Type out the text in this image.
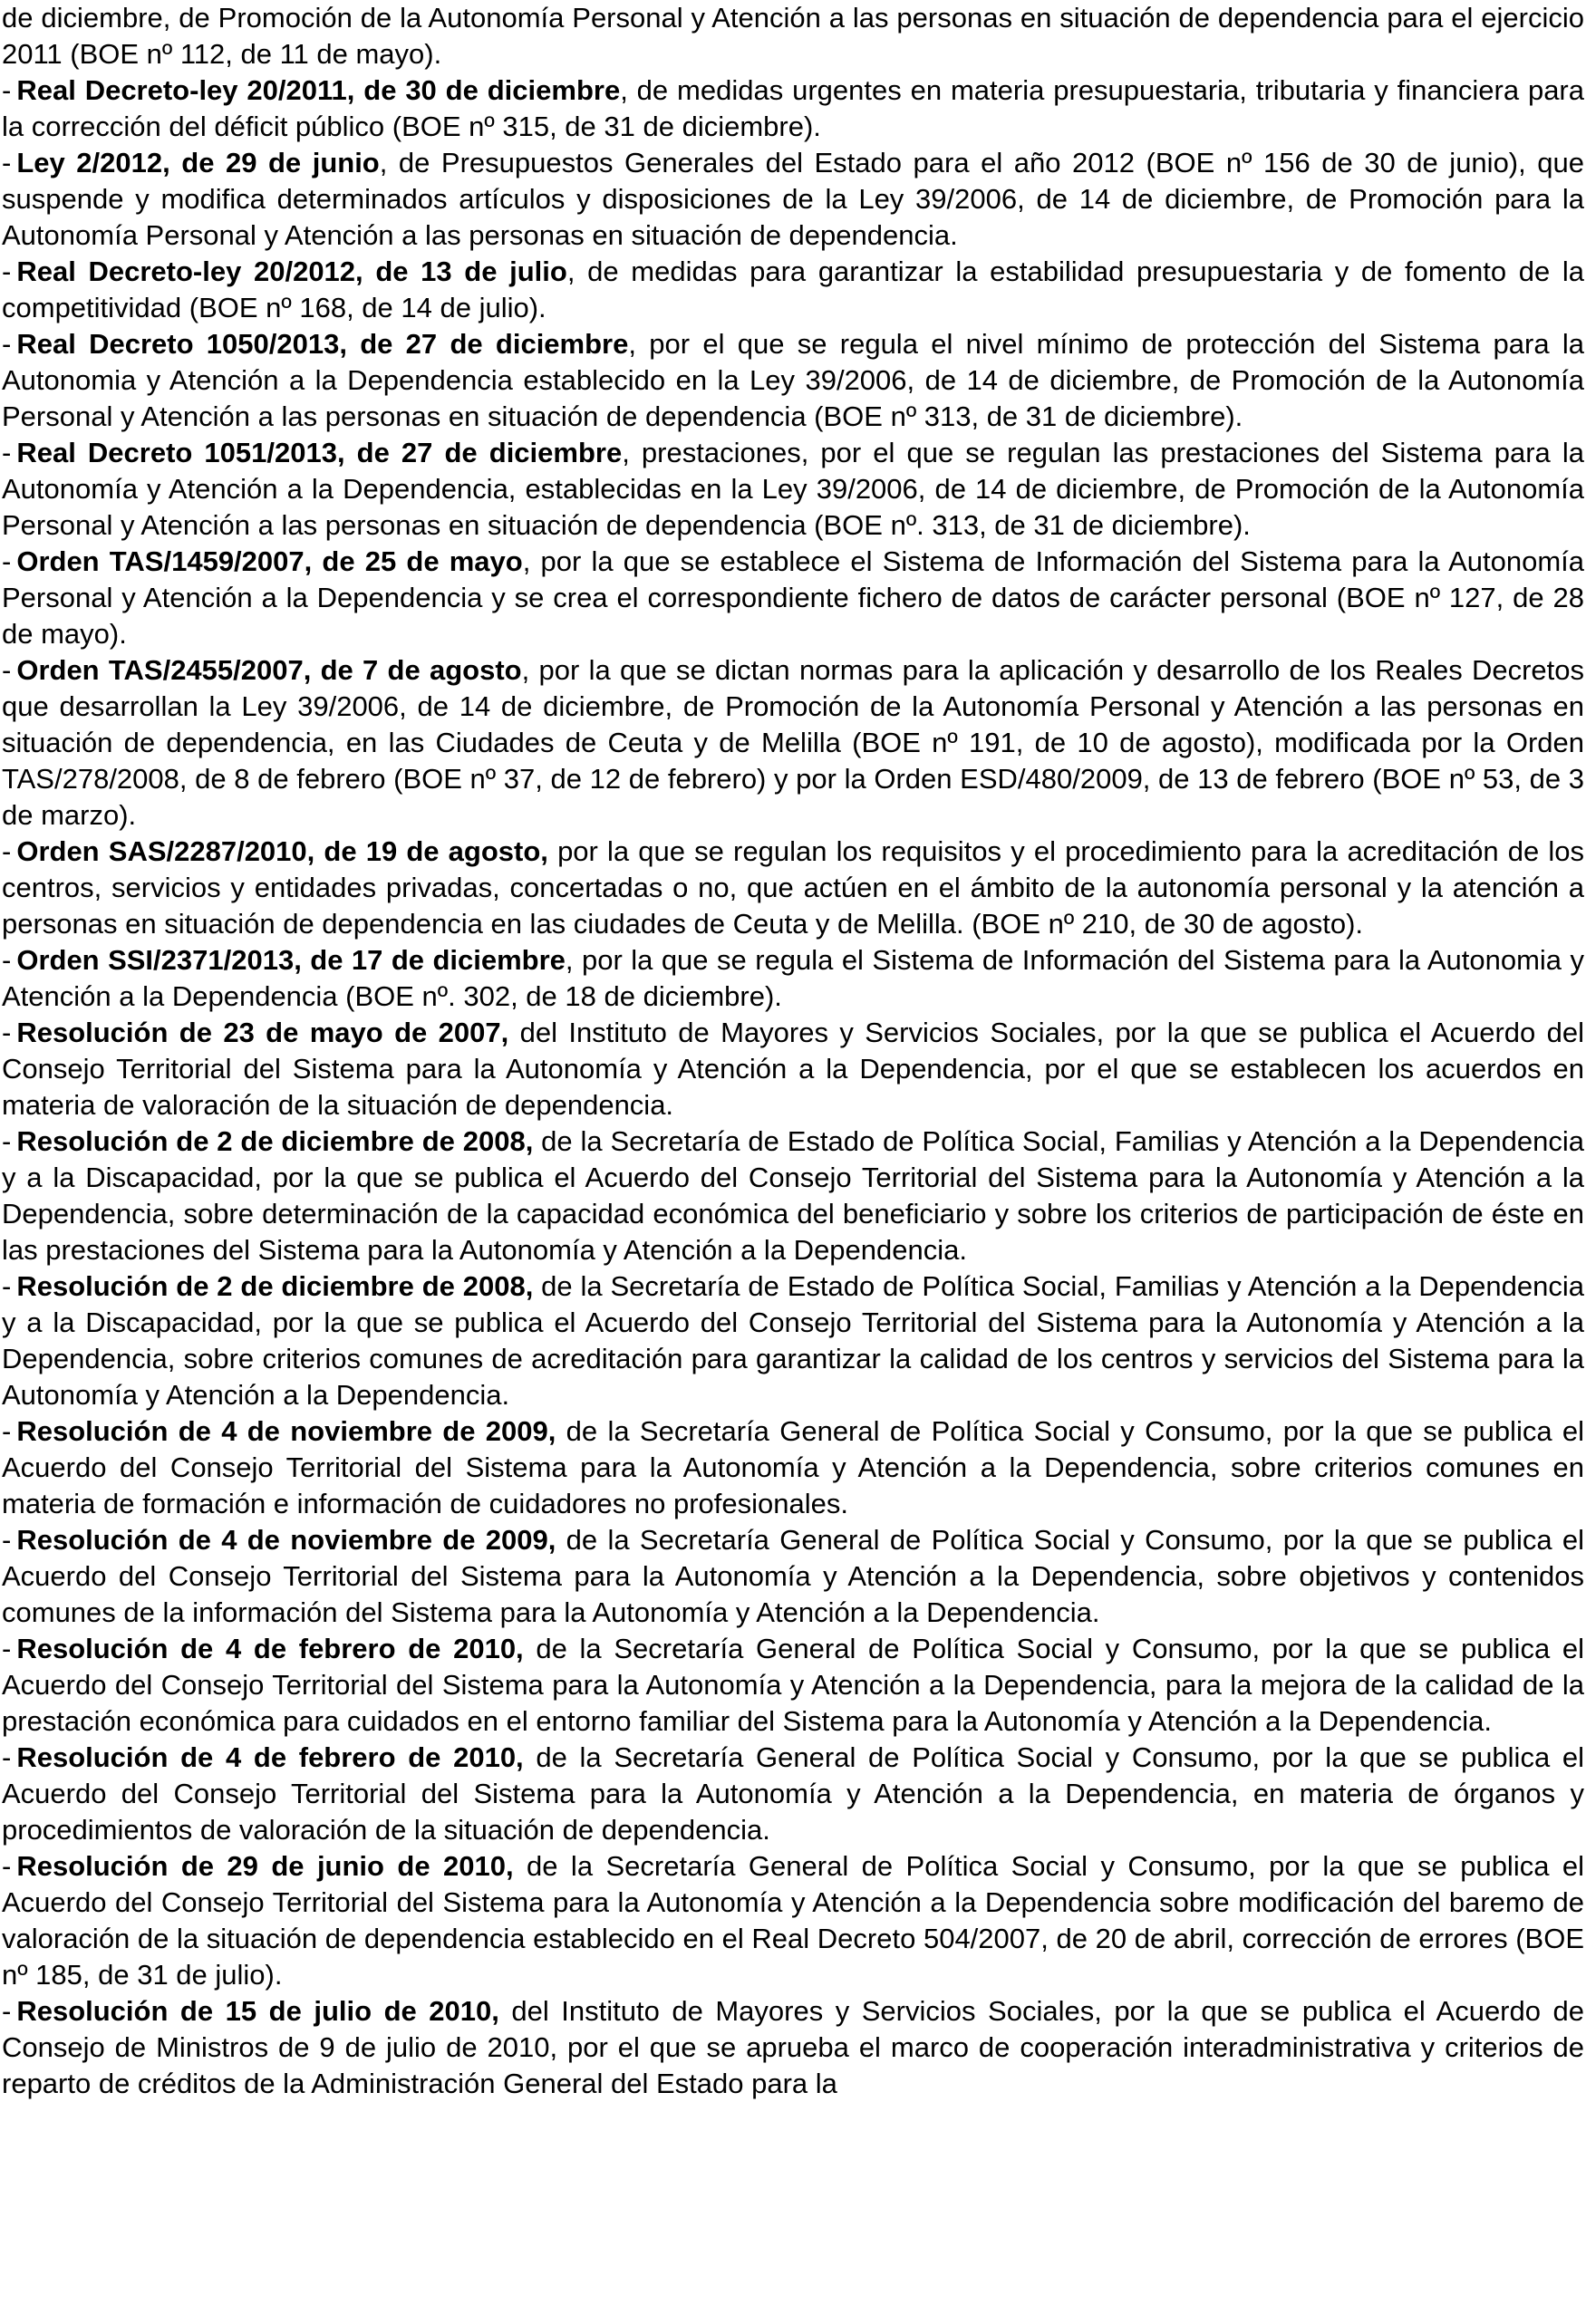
de diciembre, de Promoción de la Autonomía Personal y Atención a las personas en situación de dependencia para el ejercicio 2011 (BOE nº 112, de 11 de mayo).

- Real Decreto-ley 20/2011, de 30 de diciembre, de medidas urgentes en materia presupuestaria, tributaria y financiera para la corrección del déficit público (BOE nº 315, de 31 de diciembre).

- Ley 2/2012, de 29 de junio, de Presupuestos Generales del Estado para el año 2012 (BOE nº 156 de 30 de junio), que suspende y modifica determinados artículos y disposiciones de la Ley 39/2006, de 14 de diciembre, de Promoción para la Autonomía Personal y Atención a las personas en situación de dependencia.

- Real Decreto-ley 20/2012, de 13 de julio, de medidas para garantizar la estabilidad presupuestaria y de fomento de la competitividad (BOE nº 168, de 14 de julio).

- Real Decreto 1050/2013, de 27 de diciembre, por el que se regula el nivel mínimo de protección del Sistema para la Autonomia y Atención a la Dependencia establecido en la Ley 39/2006, de 14 de diciembre, de Promoción de la Autonomía Personal y Atención a las personas en situación de dependencia (BOE nº 313, de 31 de diciembre).

- Real Decreto 1051/2013, de 27 de diciembre, prestaciones, por el que se regulan las prestaciones del Sistema para la Autonomía y Atención a la Dependencia, establecidas en la Ley 39/2006, de 14 de diciembre, de Promoción de la Autonomía Personal y Atención a las personas en situación de dependencia (BOE nº. 313, de 31 de diciembre).

- Orden TAS/1459/2007, de 25 de mayo, por la que se establece el Sistema de Información del Sistema para la Autonomía Personal y Atención a la Dependencia y se crea el correspondiente fichero de datos de carácter personal (BOE nº 127, de 28 de mayo).

- Orden TAS/2455/2007, de 7 de agosto, por la que se dictan normas para la aplicación y desarrollo de los Reales Decretos que desarrollan la Ley 39/2006, de 14 de diciembre, de Promoción de la Autonomía Personal y Atención a las personas en situación de dependencia, en las Ciudades de Ceuta y de Melilla (BOE nº 191, de 10 de agosto), modificada por la Orden TAS/278/2008, de 8 de febrero (BOE nº 37, de 12 de febrero) y por la Orden ESD/480/2009, de 13 de febrero (BOE nº 53, de 3 de marzo).

- Orden SAS/2287/2010, de 19 de agosto, por la que se regulan los requisitos y el procedimiento para la acreditación de los centros, servicios y entidades privadas, concertadas o no, que actúen en el ámbito de la autonomía personal y la atención a personas en situación de dependencia en las ciudades de Ceuta y de Melilla. (BOE nº 210, de 30 de agosto).

- Orden SSI/2371/2013, de 17 de diciembre, por la que se regula el Sistema de Información del Sistema para la Autonomia y Atención a la Dependencia (BOE nº. 302, de 18 de diciembre).

- Resolución de 23 de mayo de 2007, del Instituto de Mayores y Servicios Sociales, por la que se publica el Acuerdo del Consejo Territorial del Sistema para la Autonomía y Atención a la Dependencia, por el que se establecen los acuerdos en materia de valoración de la situación de dependencia.

- Resolución de 2 de diciembre de 2008, de la Secretaría de Estado de Política Social, Familias y Atención a la Dependencia y a la Discapacidad, por la que se publica el Acuerdo del Consejo Territorial del Sistema para la Autonomía y Atención a la Dependencia, sobre determinación de la capacidad económica del beneficiario y sobre los criterios de participación de éste en las prestaciones del Sistema para la Autonomía y Atención a la Dependencia.

- Resolución de 2 de diciembre de 2008, de la Secretaría de Estado de Política Social, Familias y Atención a la Dependencia y a la Discapacidad, por la que se publica el Acuerdo del Consejo Territorial del Sistema para la Autonomía y Atención a la Dependencia, sobre criterios comunes de acreditación para garantizar la calidad de los centros y servicios del Sistema para la Autonomía y Atención a la Dependencia.

- Resolución de 4 de noviembre de 2009, de la Secretaría General de Política Social y Consumo, por la que se publica el Acuerdo del Consejo Territorial del Sistema para la Autonomía y Atención a la Dependencia, sobre criterios comunes en materia de formación e información de cuidadores no profesionales.

- Resolución de 4 de noviembre de 2009, de la Secretaría General de Política Social y Consumo, por la que se publica el Acuerdo del Consejo Territorial del Sistema para la Autonomía y Atención a la Dependencia, sobre objetivos y contenidos comunes de la información del Sistema para la Autonomía y Atención a la Dependencia.

- Resolución de 4 de febrero de 2010, de la Secretaría General de Política Social y Consumo, por la que se publica el Acuerdo del Consejo Territorial del Sistema para la Autonomía y Atención a la Dependencia, para la mejora de la calidad de la prestación económica para cuidados en el entorno familiar del Sistema para la Autonomía y Atención a la Dependencia.

- Resolución de 4 de febrero de 2010, de la Secretaría General de Política Social y Consumo, por la que se publica el Acuerdo del Consejo Territorial del Sistema para la Autonomía y Atención a la Dependencia, en materia de órganos y procedimientos de valoración de la situación de dependencia.

- Resolución de 29 de junio de 2010, de la Secretaría General de Política Social y Consumo, por la que se publica el Acuerdo del Consejo Territorial del Sistema para la Autonomía y Atención a la Dependencia sobre modificación del baremo de valoración de la situación de dependencia establecido en el Real Decreto 504/2007, de 20 de abril, corrección de errores (BOE nº 185, de 31 de julio).

- Resolución de 15 de julio de 2010, del Instituto de Mayores y Servicios Sociales, por la que se publica el Acuerdo de Consejo de Ministros de 9 de julio de 2010, por el que se aprueba el marco de cooperación interadministrativa y criterios de reparto de créditos de la Administración General del Estado para la
